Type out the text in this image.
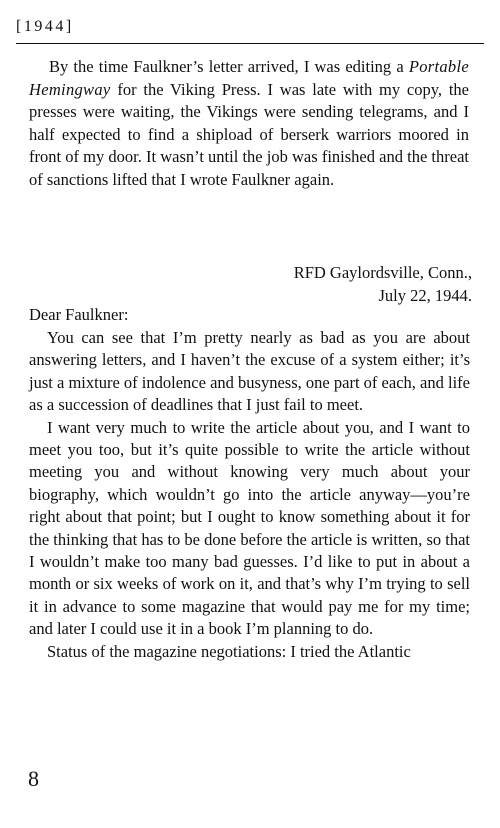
[1944]
By the time Faulkner’s letter arrived, I was editing a Portable Hemingway for the Viking Press. I was late with my copy, the presses were waiting, the Vikings were sending telegrams, and I half expected to find a shipload of berserk warriors moored in front of my door. It wasn’t until the job was finished and the threat of sanctions lifted that I wrote Faulkner again.
RFD Gaylordsville, Conn.,
July 22, 1944.
Dear Faulkner:

You can see that I’m pretty nearly as bad as you are about answering letters, and I haven’t the excuse of a system either; it’s just a mixture of indolence and busyness, one part of each, and life as a succession of deadlines that I just fail to meet.

I want very much to write the article about you, and I want to meet you too, but it’s quite possible to write the article without meeting you and without knowing very much about your biography, which wouldn’t go into the article anyway—you’re right about that point; but I ought to know something about it for the thinking that has to be done before the article is written, so that I wouldn’t make too many bad guesses. I’d like to put in about a month or six weeks of work on it, and that’s why I’m trying to sell it in advance to some magazine that would pay me for my time; and later I could use it in a book I’m planning to do.

Status of the magazine negotiations: I tried the Atlantic

8
